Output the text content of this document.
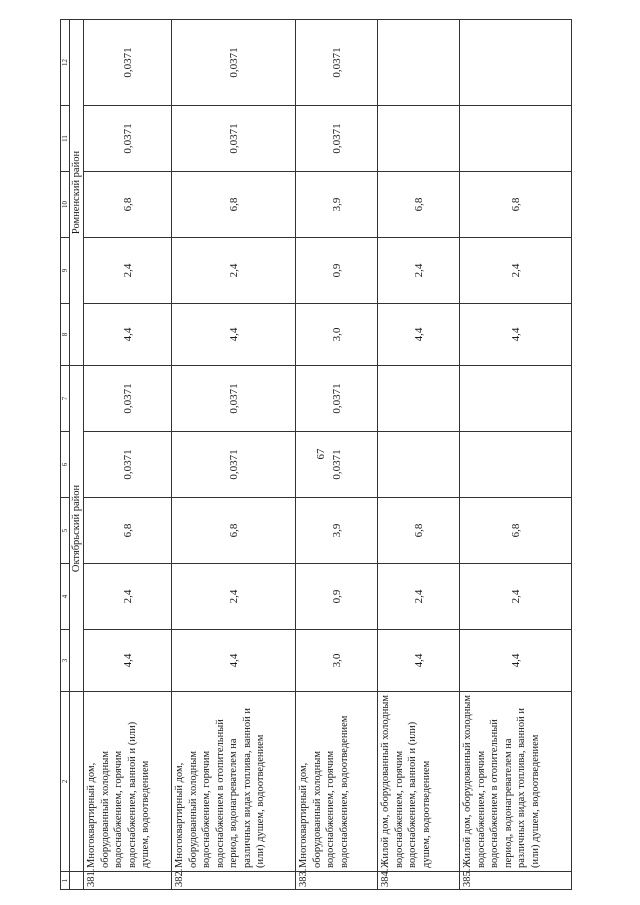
67
1	2	3	4	5	6	7	8	9	10	11	12
		Октябрьский район					Ромненский район				
381.	Многоквартирный дом, оборудованный холодным водоснабжением, горячим водоснабжением, ванной и (или) душем, водоотведением	4,4	2,4	6,8	0,0371	0,0371	4,4	2,4	6,8	0,0371	0,0371
382.	Многоквартирный дом, оборудованный холодным водоснабжением, горячим водоснабжением в отопительный период, водонагревателем на различных видах топлива, ванной и (или) душем, водоотведением	4,4	2,4	6,8	0,0371	0,0371	4,4	2,4	6,8	0,0371	0,0371
383.	Многоквартирный дом, оборудованный холодным водоснабжением, горячим водоснабжением, водоотведением	3,0	0,9	3,9	0,0371	0,0371	3,0	0,9	3,9	0,0371	0,0371
384.	Жилой дом, оборудованный холодным водоснабжением, горячим водоснабжением, ванной и (или) душем, водоотведением	4,4	2,4	6,8			4,4	2,4	6,8		
385.	Жилой дом, оборудованный холодным водоснабжением, горячим водоснабжением в отопительный период, водонагревателем на различных видах топлива, ванной и (или) душем, водоотведением	4,4	2,4	6,8			4,4	2,4	6,8		
